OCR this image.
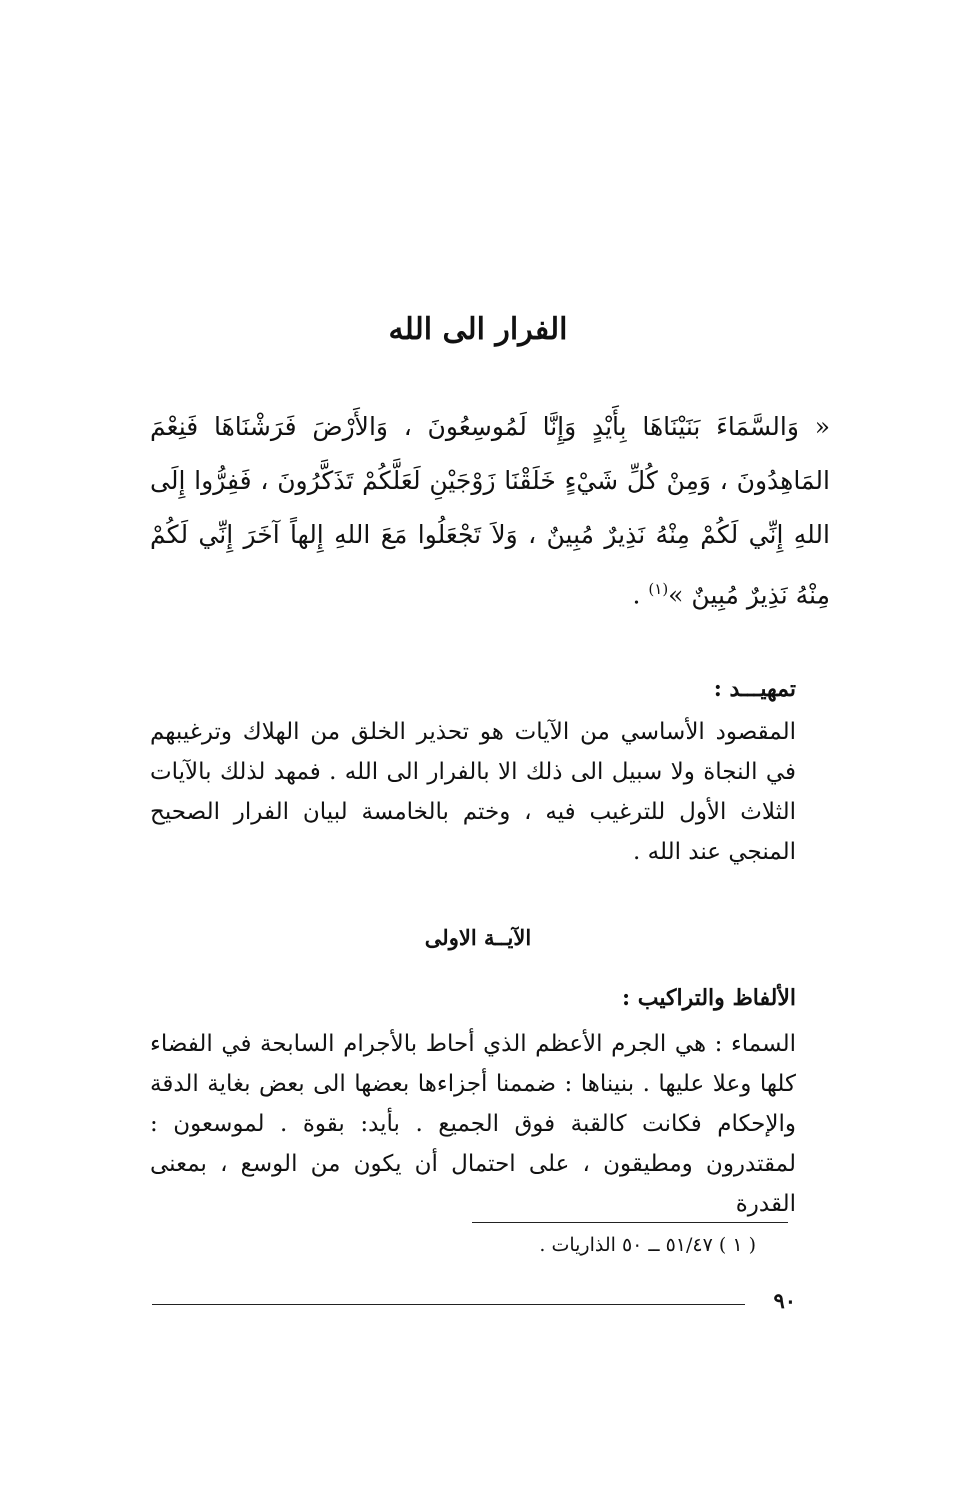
الفرار الى الله
« وَالسَّمَاءَ بَنَيْنَاهَا بِأَيْدٍ وَإِنَّا لَمُوسِعُونَ ، وَالأَرْضَ فَرَشْنَاهَا فَنِعْمَ المَاهِدُونَ ، وَمِنْ كُلِّ شَيْءٍ خَلَقْنَا زَوْجَيْنِ لَعَلَّكُمْ تَذَكَّرُونَ ، فَفِرُّوا إِلَى اللهِ إِنِّي لَكُمْ مِنْهُ نَذِيرٌ مُبِينٌ ، وَلاَ تَجْعَلُوا مَعَ اللهِ إِلهاً آخَرَ إِنِّي لَكُمْ مِنْهُ نَذِيرٌ مُبِينٌ »$^{(١)}$ .
تمهيـــد :
المقصود الأساسي من الآيات هو تحذير الخلق من الهلاك وترغيبهم في النجاة ولا سبيل الى ذلك الا بالفرار الى الله . فمهد لذلك بالآيات الثلاث الأول للترغيب فيه ، وختم بالخامسة لبيان الفرار الصحيح المنجي عند الله .
الآيــة الاولى
الألفاظ والتراكيب :
السماء : هي الجرم الأعظم الذي أحاط بالأجرام السابحة في الفضاء كلها وعلا عليها . بنيناها : ضممنا أجزاءها بعضها الى بعض بغاية الدقة والإحكام فكانت كالقبة فوق الجميع . بأيد: بقوة . لموسعون : لمقتدرون ومطيقون ، على احتمال أن يكون من الوسع ، بمعنى القدرة
( ١ ) ٥١/٤٧ ــ ٥٠ الذاريات .
٩٠
